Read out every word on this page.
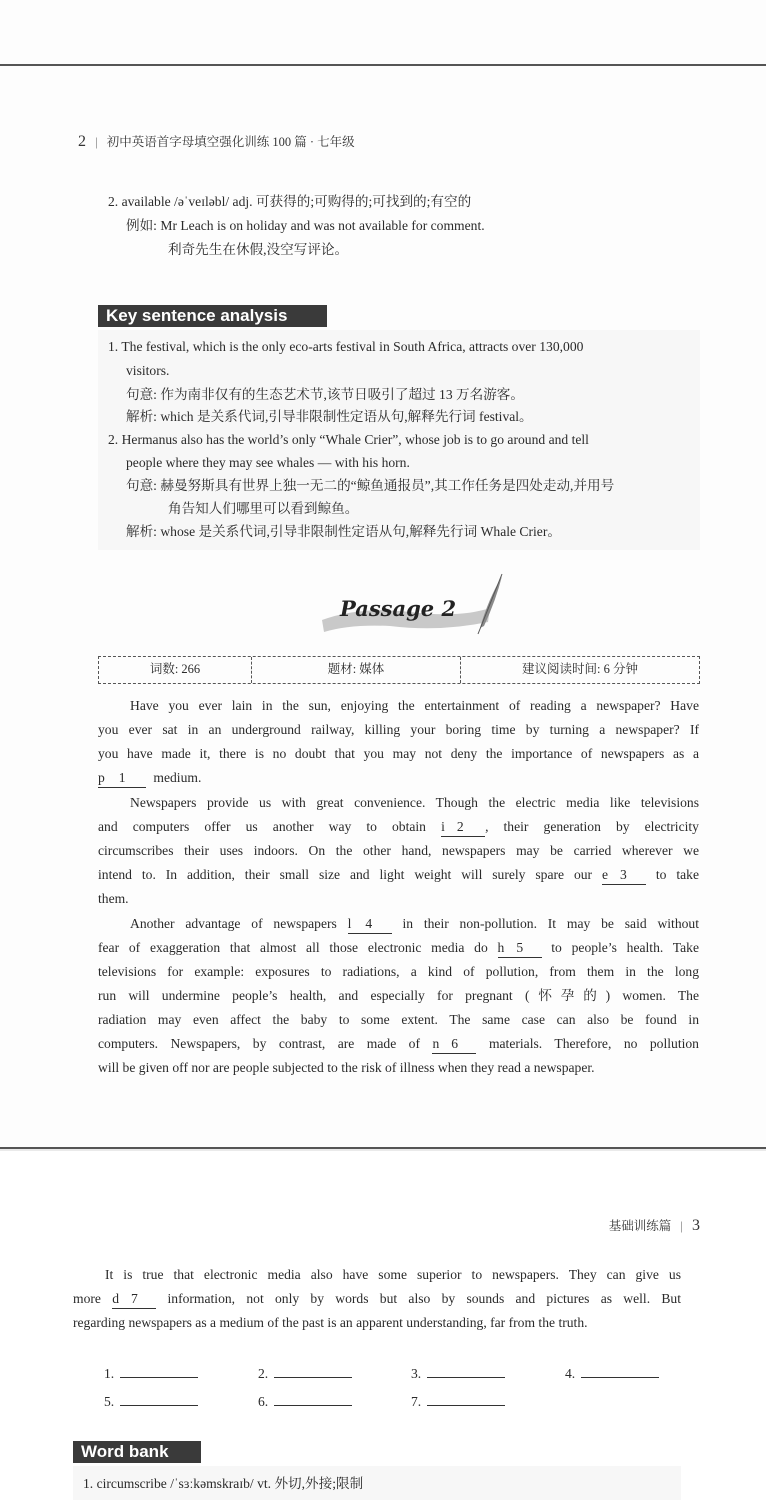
2 | 初中英语首字母填空强化训练 100 篇 · 七年级
2. available /əˈveɪləbl/ adj. 可获得的;可购得的;可找到的;有空的
例如: Mr Leach is on holiday and was not available for comment.
利奇先生在休假,没空写评论。
Key sentence analysis
1. The festival, which is the only eco-arts festival in South Africa, attracts over 130,000
visitors.
句意: 作为南非仅有的生态艺术节,该节日吸引了超过 13 万名游客。
解析: which 是关系代词,引导非限制性定语从句,解释先行词 festival。
2. Hermanus also has the world’s only “Whale Crier”, whose job is to go around and tell
people where they may see whales — with his horn.
句意: 赫曼努斯具有世界上独一无二的“鲸鱼通报员”,其工作任务是四处走动,并用号
角告知人们哪里可以看到鲸鱼。
解析: whose 是关系代词,引导非限制性定语从句,解释先行词 Whale Crier。
Passage 2
词数: 266	题材: 媒体	建议阅读时间: 6 分钟
Have you ever lain in the sun, enjoying the entertainment of reading a newspaper? Have
you ever sat in an underground railway, killing your boring time by turning a newspaper? If
you have made it, there is no doubt that you may not deny the importance of newspapers as a
p 1 medium.
Newspapers provide us with great convenience. Though the electric media like televisions
and computers offer us another way to obtain i 2 , their generation by electricity
circumscribes their uses indoors. On the other hand, newspapers may be carried wherever we
intend to. In addition, their small size and light weight will surely spare our e 3 to take
them.
Another advantage of newspapers l 4 in their non-pollution. It may be said without
fear of exaggeration that almost all those electronic media do h 5 to people’s health. Take
televisions for example: exposures to radiations, a kind of pollution, from them in the long
run will undermine people’s health, and especially for pregnant (怀孕的) women. The
radiation may even affect the baby to some extent. The same case can also be found in
computers. Newspapers, by contrast, are made of n 6 materials. Therefore, no pollution
will be given off nor are people subjected to the risk of illness when they read a newspaper.
基础训练篇 | 3
It is true that electronic media also have some superior to newspapers. They can give us
more d 7 information, not only by words but also by sounds and pictures as well. But
regarding newspapers as a medium of the past is an apparent understanding, far from the truth.
1.	2.	3.	4.
5.	6.	7.
Word bank
1. circumscribe /ˈsɜːkəmskraɪb/ vt. 外切,外接;限制
